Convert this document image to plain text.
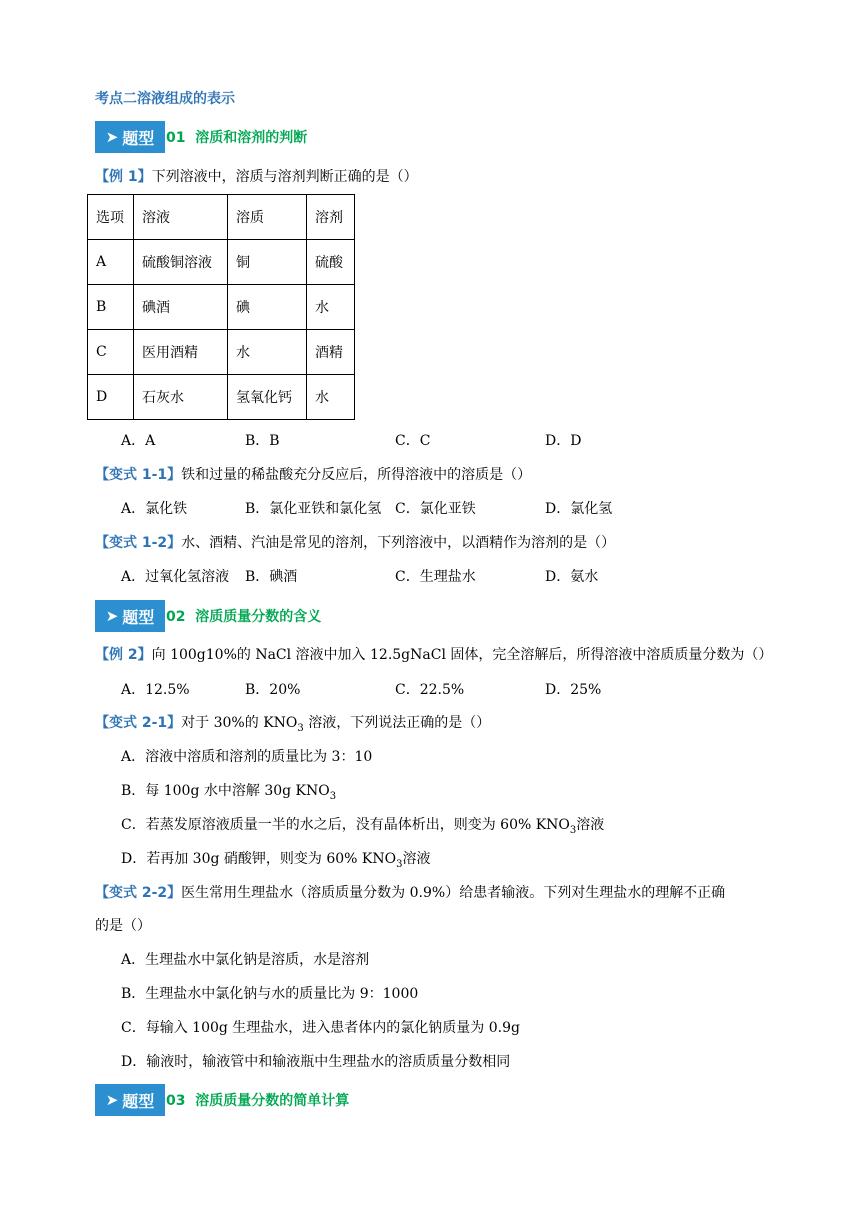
考点二溶液组成的表示
➤ 题型 01 溶质和溶剂的判断
【例 1】下列溶液中，溶质与溶剂判断正确的是（）
选项	溶液	溶质	溶剂
A	硫酸铜溶液	铜	硫酸
B	碘酒	碘	水
C	医用酒精	水	酒精
D	石灰水	氢氧化钙	水
A．A	B．B	C．C	D．D
【变式 1-1】铁和过量的稀盐酸充分反应后，所得溶液中的溶质是（）
A．氯化铁	B．氯化亚铁和氯化氢 C．氯化亚铁	D．氯化氢
【变式 1-2】水、酒精、汽油是常见的溶剂，下列溶液中，以酒精作为溶剂的是（）
A．过氧化氢溶液 B．碘酒	C．生理盐水	D．氨水
➤ 题型 02 溶质质量分数的含义
【例 2】向 100g10%的 NaCl 溶液中加入 12.5gNaCl 固体，完全溶解后，所得溶液中溶质质量分数为（）
A．12.5%	B．20%	C．22.5%	D．25%
【变式 2-1】对于 30%的 $KNO_3$ 溶液，下列说法正确的是（）
A．溶液中溶质和溶剂的质量比为 3：10
B．每 100g 水中溶解 30g $KNO_3$
C．若蒸发原溶液质量一半的水之后，没有晶体析出，则变为 60% $KNO_3$溶液
D．若再加 30g 硝酸钾，则变为 60% $KNO_3$溶液
【变式 2-2】医生常用生理盐水（溶质质量分数为 0.9%）给患者输液。下列对生理盐水的理解不正确
的是（）
A．生理盐水中氯化钠是溶质，水是溶剂
B．生理盐水中氯化钠与水的质量比为 9：1000
C．每输入 100g 生理盐水，进入患者体内的氯化钠质量为 0.9g
D．输液时，输液管中和输液瓶中生理盐水的溶质质量分数相同
➤ 题型 03 溶质质量分数的简单计算
